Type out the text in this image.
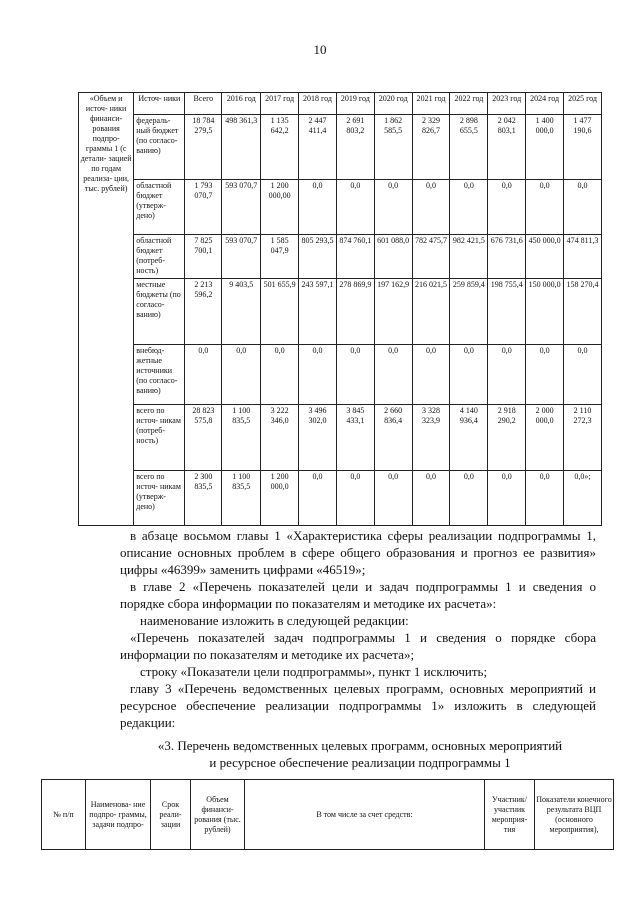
10
«Объем и источ- ники финанси- рования подпро- граммы 1 (с детали- зацией по годам реализа- ции, тыс. рублей)	Источ- ники	Всего	2016 год	2017 год	2018 год	2019 год	2020 год	2021 год	2022 год	2023 год	2024 год	2025 год
	федераль- ный бюджет (по согласо- ванию)	18 784 279,5	498 361,3	1 135 642,2	2 447 411,4	2 691 803,2	1 862 585,5	2 329 826,7	2 898 655,5	2 042 803,1	1 400 000,0	1 477 190,6
	областной бюджет (утверж- дено)	1 793 070,7	593 070,7	1 200 000,00	0,0	0,0	0,0	0,0	0,0	0,0	0,0	0,0
	областной бюджет (потреб- ность)	7 825 700,1	593 070,7	1 585 047,9	805 293,5	874 760,1	601 088,0	782 475,7	982 421,5	676 731,6	450 000,0	474 811,3
	местные бюджеты (по согласо- ванию)	2 213 596,2	9 403,5	501 655,9	243 597,1	278 869,9	197 162,9	216 021,5	259 859,4	198 755,4	150 000,0	158 270,4
	внебюд- жетные источники (по согласо- ванию)	0,0	0,0	0,0	0,0	0,0	0,0	0,0	0,0	0,0	0,0	0,0
	всего по источ- никам (потреб- ность)	28 823 575,8	1 100 835,5	3 222 346,0	3 496 302,0	3 845 433,1	2 660 836,4	3 328 323,9	4 140 936,4	2 918 290,2	2 000 000,0	2 110 272,3
	всего по источ- никам (утверж- дено)	2 300 835,5	1 100 835,5	1 200 000,0	0,0	0,0	0,0	0,0	0,0	0,0	0,0	0,0»;
в абзаце восьмом главы 1 «Характеристика сферы реализации подпрограммы 1, описание основных проблем в сфере общего образования и прогноз ее развития» цифры «46399» заменить цифрами «46519»;
в главе 2 «Перечень показателей цели и задач подпрограммы 1 и сведения о порядке сбора информации по показателям и методике их расчета»:
наименование изложить в следующей редакции:
«Перечень показателей задач подпрограммы 1 и сведения о порядке сбора информации по показателям и методике их расчета»;
строку «Показатели цели подпрограммы», пункт 1 исключить;
главу 3 «Перечень ведомственных целевых программ, основных мероприятий и ресурсное обеспечение реализации подпрограммы 1» изложить в следующей редакции:
«3. Перечень ведомственных целевых программ, основных мероприятий
и ресурсное обеспечение реализации подпрограммы 1
№ п/п	Наименова- ние подпро- граммы, задачи подпро-	Срок реали- зации	Объем финанси- рования (тыс. рублей)	В том числе за счет средств:	Участник/ участник мероприя- тия	Показатели конечного результата ВЦП (основного мероприятия),
